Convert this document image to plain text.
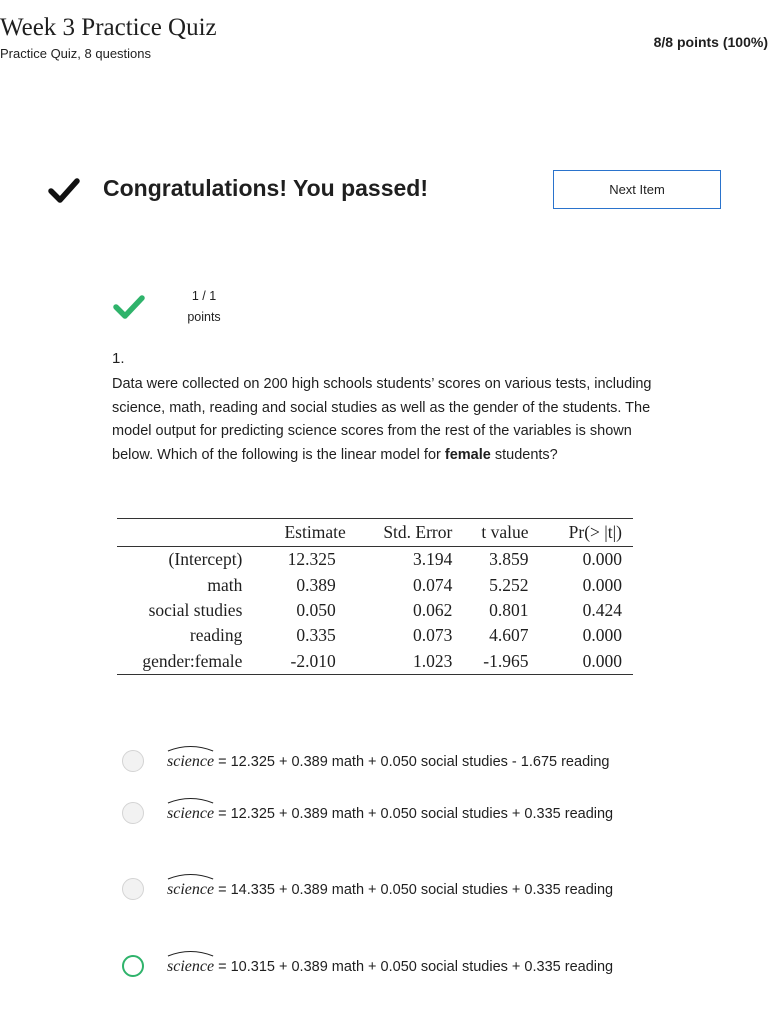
Week 3 Practice Quiz
Practice Quiz, 8 questions
8/8 points (100%)
Congratulations! You passed!	Next Item
1 / 1
points
1.
Data were collected on 200 high schools students’ scores on various tests, including science, math, reading and social studies as well as the gender of the students. The model output for predicting science scores from the rest of the variables is shown below. Which of the following is the linear model for female students?
	Estimate	Std. Error	t value	Pr(> |t|)
(Intercept)	12.325	3.194	3.859	0.000
math	0.389	0.074	5.252	0.000
social studies	0.050	0.062	0.801	0.424
reading	0.335	0.073	4.607	0.000
gender:female	-2.010	1.023	-1.965	0.000
science = 12.325 + 0.389 math + 0.050 social studies - 1.675 reading
science = 12.325 + 0.389 math + 0.050 social studies + 0.335 reading
science = 14.335 + 0.389 math + 0.050 social studies + 0.335 reading
science = 10.315 + 0.389 math + 0.050 social studies + 0.335 reading
